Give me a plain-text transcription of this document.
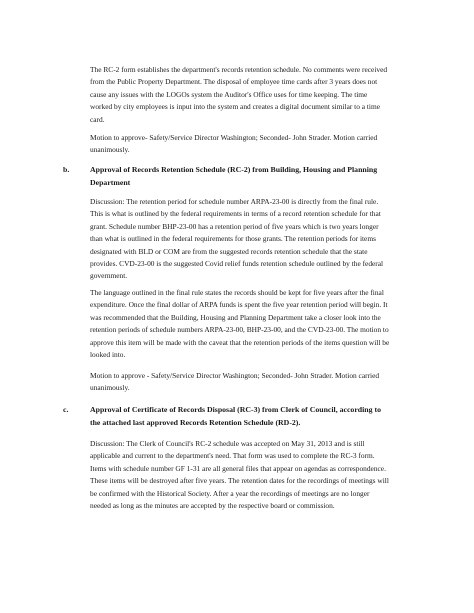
The RC-2 form establishes the department's records retention schedule. No comments were received from the Public Property Department. The disposal of employee time cards after 3 years does not cause any issues with the LOGOs system the Auditor's Office uses for time keeping. The time worked by city employees is input into the system and creates a digital document similar to a time card.

Motion to approve- Safety/Service Director Washington; Seconded- John Strader. Motion carried unanimously.

b.	Approval of Records Retention Schedule (RC-2) from Building, Housing and Planning Department

Discussion: The retention period for schedule number ARPA-23-00 is directly from the final rule. This is what is outlined by the federal requirements in terms of a record retention schedule for that grant. Schedule number BHP-23-00 has a retention period of five years which is two years longer than what is outlined in the federal requirements for those grants. The retention periods for items designated with BLD or COM are from the suggested records retention schedule that the state provides. CVD-23-00 is the suggested Covid relief funds retention schedule outlined by the federal government.

The language outlined in the final rule states the records should be kept for five years after the final expenditure. Once the final dollar of ARPA funds is spent the five year retention period will begin. It was recommended that the Building, Housing and Planning Department take a closer look into the retention periods of schedule numbers ARPA-23-00, BHP-23-00, and the CVD-23-00. The motion to approve this item will be made with the caveat that the retention periods of the items question will be looked into.

Motion to approve - Safety/Service Director Washington; Seconded- John Strader. Motion carried unanimously.

c.	Approval of Certificate of Records Disposal (RC-3) from Clerk of Council, according to the attached last approved Records Retention Schedule (RD-2).

Discussion: The Clerk of Council's RC-2 schedule was accepted on May 31, 2013 and is still applicable and current to the department's need. That form was used to complete the RC-3 form. Items with schedule number GF 1-31 are all general files that appear on agendas as correspondence. These items will be destroyed after five years. The retention dates for the recordings of meetings will be confirmed with the Historical Society. After a year the recordings of meetings are no longer needed as long as the minutes are accepted by the respective board or commission.
